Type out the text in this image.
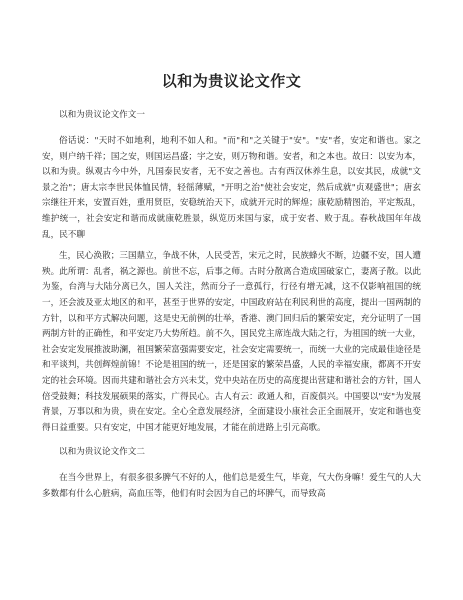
以和为贵议论文作文
以和为贵议论文作文一
俗话说："天时不如地利，地利不如人和。"而"和"之关键于"安"。"安"者，安定和谐也。家之安，则户纳千祥；国之安，则国运昌盛；宇之安，则万物和谐。安者，和之本也。故曰：以安为本，以和为贵。纵观古今中外，凡国泰民安者，无不安之善也。古有西汉休养生息，以安其民，成就"文景之治"；唐太宗李世民体恤民情，轻徭薄赋，"开明之治"使社会安定，然后成就"贞观盛世"；唐玄宗继往开来，安置百姓，重用贤臣，安稳统治天下，成就开元时的辉煌；康乾励精图治，平定叛乱，维护统一，社会安定和谐而成就康乾胜景，纵览历来国与家，成于安者、败于乱。春秋战国年年战乱，民不聊
生，民心涣散；三国鼎立，争战不休，人民受苦，宋元之时，民族蜂火不断，边疆不安，国人遭殃。此所谓：乱者，祸之源也。前世不忘，后事之师。古时分散离合造成国破家亡，妻离子散。以此为鉴，台湾与大陆分离已久，国人关注，然而分子一意孤行，行径有增无减，这不仅影响祖国的统一，还会波及亚太地区的和平，甚至于世界的安定，中国政府站在利民利世的高度，提出一国两制的方针，以和平方式解决问题，这是史无前例的壮举，香港、澳门回归后的繁荣安定，充分证明了一国两制方针的正确性，和平安定乃大势所趋。前不久，国民党主席连战大陆之行，为祖国的统一大业，社会安定发展推波助澜，祖国繁荣富强需要安定，社会安定需要统一，而统一大业的完成最佳途径是和平谈判，共创辉煌前锦！不论是祖国的统一，还是国家的繁荣昌盛，人民的幸福安康，都离不开安定的社会环境。因而共建和谐社会方兴未艾，党中央站在历史的高度提出营建和谐社会的方针，国人倍受鼓舞；科技发展硕果的落实，广得民心。古人有云：政通人和，百废俱兴。中国要以"安"为发展背景，万事以和为贵，贵在安定。全心全意发展经济，全面建设小康社会正全面展开，安定和谐也变得日益重要。只有安定，中国才能更好地发展，才能在前进路上引元高歌。
以和为贵议论文作文二
在当今世界上，有很多很多脾气不好的人，他们总是爱生气，毕竟，气大伤身嘛！爱生气的人大多数都有什么心脏病，高血压等，他们有时会因为自己的坏脾气，而导致高
